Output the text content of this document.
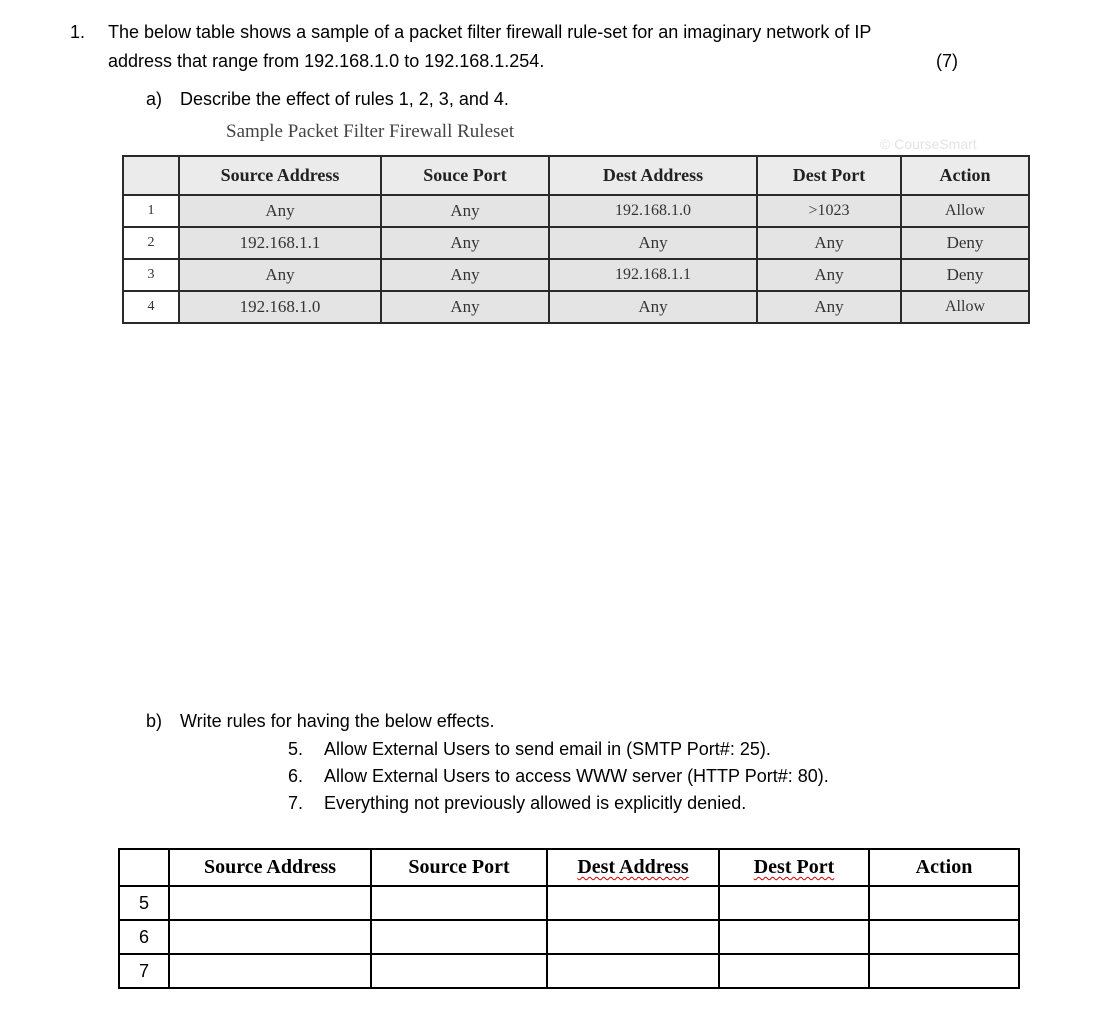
1. The below table shows a sample of a packet filter firewall rule-set for an imaginary network of IP
address that range from 192.168.1.0 to 192.168.1.254.	(7)
a) Describe the effect of rules 1, 2, 3, and 4.
Sample Packet Filter Firewall Ruleset
© CourseSmart
	Source Address	Souce Port	Dest Address	Dest Port	Action
1	Any	Any	192.168.1.0	>1023	Allow
2	192.168.1.1	Any	Any	Any	Deny
3	Any	Any	192.168.1.1	Any	Deny
4	192.168.1.0	Any	Any	Any	Allow
b) Write rules for having the below effects.
5. Allow External Users to send email in (SMTP Port#: 25).
6. Allow External Users to access WWW server (HTTP Port#: 80).
7. Everything not previously allowed is explicitly denied.
	Source Address	Source Port	Dest Address	Dest Port	Action
5					
6					
7					
